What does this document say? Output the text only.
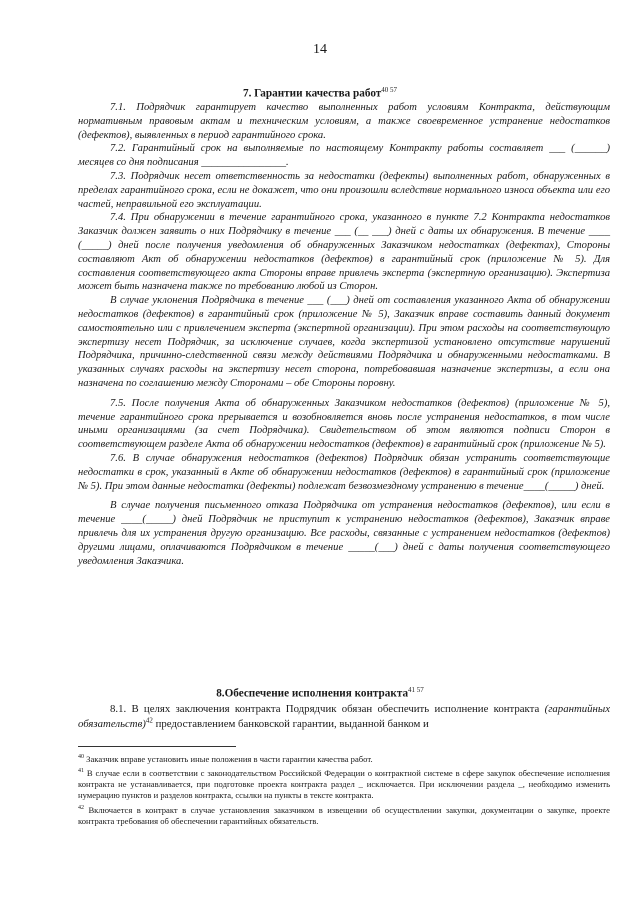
14
7. Гарантии качества работ$^{40 57}$

7.1. Подрядчик гарантирует качество выполненных работ условиям Контракта, действующим нормативным правовым актам и техническим условиям, а также своевременное устранение недостатков (дефектов), выявленных в период гарантийного срока.

7.2. Гарантийный срок на выполняемые по настоящему Контракту работы составляет ___ (______) месяцев со дня подписания ________________.

7.3. Подрядчик несет ответственность за недостатки (дефекты) выполненных работ, обнаруженных в пределах гарантийного срока, если не докажет, что они произошли вследствие нормального износа объекта или его частей, неправильной его эксплуатации.

7.4. При обнаружении в течение гарантийного срока, указанного в пункте 7.2 Контракта недостатков Заказчик должен заявить о них Подрядчику в течение ___ (__ ___) дней с даты их обнаружения. В течение ____ (_____) дней после получения уведомления об обнаруженных Заказчиком недостатках (дефектах), Стороны составляют Акт об обнаружении недостатков (дефектов) в гарантийный срок (приложение № 5). Для составления соответствующего акта Стороны вправе привлечь эксперта (экспертную организацию). Экспертиза может быть назначена также по требованию любой из Сторон.

В случае уклонения Подрядчика в течение ___ (___) дней от составления указанного Акта об обнаружении недостатков (дефектов) в гарантийный срок (приложение № 5), Заказчик вправе составить данный документ самостоятельно или с привлечением эксперта (экспертной организации). При этом расходы на соответствующую экспертизу несет Подрядчик, за исключение случаев, когда экспертизой установлено отсутствие нарушений Подрядчика, причинно-следственной связи между действиями Подрядчика и обнаруженными недостатками. В указанных случаях расходы на экспертизу несет сторона, потребовавшая назначение экспертизы, а если она назначена по соглашению между Сторонами – обе Стороны поровну.

7.5. После получения Акта об обнаруженных Заказчиком недостатков (дефектов) (приложение № 5), течение гарантийного срока прерывается и возобновляется вновь после устранения недостатков, в том числе иными организациями (за счет Подрядчика). Свидетельством об этом являются подписи Сторон в соответствующем разделе Акта об обнаружении недостатков (дефектов) в гарантийный срок (приложение № 5).

7.6. В случае обнаружения недостатков (дефектов) Подрядчик обязан устранить соответствующие недостатки в срок, указанный в Акте об обнаружении недостатков (дефектов) в гарантийный срок (приложение № 5). При этом данные недостатки (дефекты) подлежат безвозмездному устранению в течение____(_____) дней.

В случае получения письменного отказа Подрядчика от устранения недостатков (дефектов), или если в течение ____(_____) дней Подрядчик не приступит к устранению недостатков (дефектов), Заказчик вправе привлечь для их устранения другую организацию. Все расходы, связанные с устранением недостатков (дефектов) другими лицами, оплачиваются Подрядчиком в течение _____(___) дней с даты получения соответствующего уведомления Заказчика.

8.Обеспечение исполнения контракта$^{41 57}$

8.1. В целях заключения контракта Подрядчик обязан обеспечить исполнение контракта (гарантийных обязательств)$^{42}$ предоставлением банковской гарантии, выданной банком и

$^{40}$ Заказчик вправе установить иные положения в части гарантии качества работ.

$^{41}$ В случае если в соответствии с законодательством Российской Федерации о контрактной системе в сфере закупок обеспечение исполнения контракта не устанавливается, при подготовке проекта контракта раздел _ исключается. При исключении раздела _, необходимо изменить нумерацию пунктов и разделов контракта, ссылки на пункты в тексте контракта.

$^{42}$ Включается в контракт в случае установления заказчиком в извещении об осуществлении закупки, документации о закупке, проекте контракта требования об обеспечении гарантийных обязательств.
